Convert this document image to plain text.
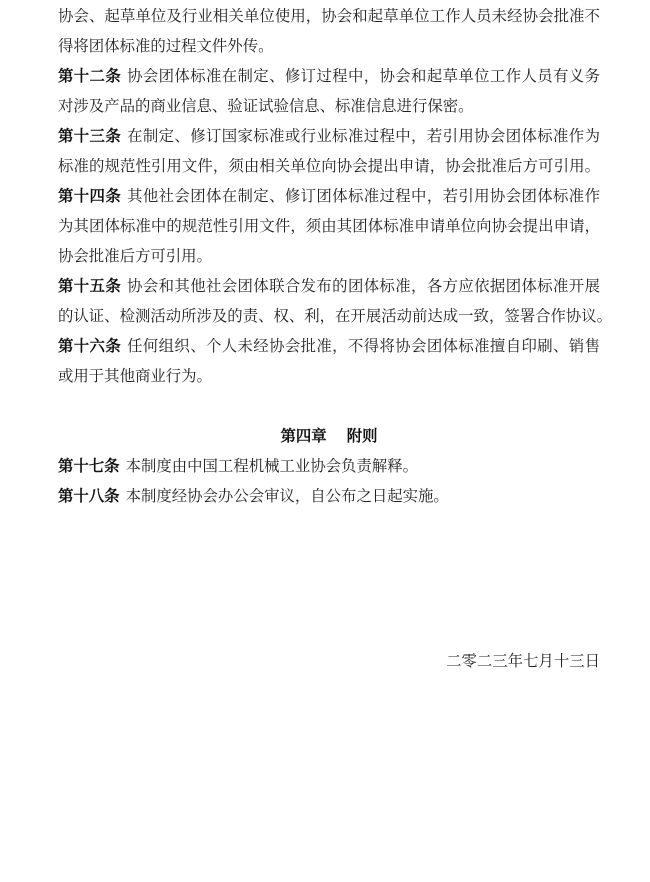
协会、起草单位及行业相关单位使用，协会和起草单位工作人员未经协会批准不
得将团体标准的过程文件外传。
第十二条 协会团体标准在制定、修订过程中，协会和起草单位工作人员有义务
对涉及产品的商业信息、验证试验信息、标准信息进行保密。
第十三条 在制定、修订国家标准或行业标准过程中，若引用协会团体标准作为
标准的规范性引用文件，须由相关单位向协会提出申请，协会批准后方可引用。
第十四条 其他社会团体在制定、修订团体标准过程中，若引用协会团体标准作
为其团体标准中的规范性引用文件，须由其团体标准申请单位向协会提出申请，
协会批准后方可引用。
第十五条 协会和其他社会团体联合发布的团体标准，各方应依据团体标准开展
的认证、检测活动所涉及的责、权、利，在开展活动前达成一致，签署合作协议。
第十六条 任何组织、个人未经协会批准，不得将协会团体标准擅自印刷、销售
或用于其他商业行为。
第四章 附则
第十七条 本制度由中国工程机械工业协会负责解释。
第十八条 本制度经协会办公会审议，自公布之日起实施。
二零二三年七月十三日
